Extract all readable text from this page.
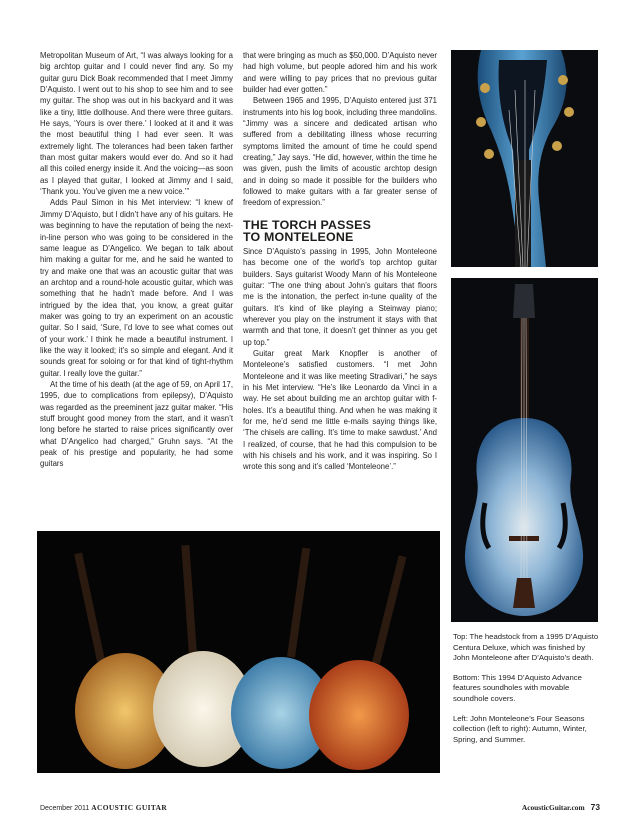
Metropolitan Museum of Art, “I was always looking for a big archtop guitar and I could never find any. So my guitar guru Dick Boak recommended that I meet Jimmy D’Aquisto. I went out to his shop to see him and to see my guitar. The shop was out in his backyard and it was like a tiny, little dollhouse. And there were three guitars. He says, ‘Yours is over there.’ I looked at it and it was the most beautiful thing I had ever seen. It was extremely light. The tolerances had been taken farther than most guitar makers would ever do. And so it had all this coiled energy inside it. And the voicing—as soon as I played that guitar, I looked at Jimmy and I said, ‘Thank you. You’ve given me a new voice.’”

Adds Paul Simon in his Met interview: “I knew of Jimmy D’Aquisto, but I didn’t have any of his guitars. He was beginning to have the reputation of being the next-in-line person who was going to be considered in the same league as D’Angelico. We began to talk about him making a guitar for me, and he said he wanted to try and make one that was an acoustic guitar that was an archtop and a round-hole acoustic guitar, which was something that he hadn’t made before. And I was intrigued by the idea that, you know, a great guitar maker was going to try an experiment on an acoustic guitar. So I said, ‘Sure, I’d love to see what comes out of your work.’ I think he made a beautiful instrument. I like the way it looked; it’s so simple and elegant. And it sounds great for soloing or for that kind of tight-rhythm guitar. I really love the guitar.”

At the time of his death (at the age of 59, on April 17, 1995, due to complications from epilepsy), D’Aquisto was regarded as the preeminent jazz guitar maker. “His stuff brought good money from the start, and it wasn’t long before he started to raise prices significantly over what D’Angelico had charged,” Gruhn says. “At the peak of his prestige and popularity, he had some guitars

that were bringing as much as $50,000. D’Aquisto never had high volume, but people adored him and his work and were willing to pay prices that no previous guitar builder had ever gotten.”

Between 1965 and 1995, D’Aquisto entered just 371 instruments into his log book, including three mandolins. “Jimmy was a sincere and dedicated artisan who suffered from a debilitating illness whose recurring symptoms limited the amount of time he could spend creating,” Jay says. “He did, however, within the time he was given, push the limits of acoustic archtop design and in doing so made it possible for the builders who followed to make guitars with a far greater sense of freedom of expression.”

THE TORCH PASSES
TO MONTELEONE

Since D’Aquisto’s passing in 1995, John Monteleone has become one of the world’s top archtop guitar builders. Says guitarist Woody Mann of his Monteleone guitar: “The one thing about John’s guitars that floors me is the intonation, the perfect in-tune quality of the guitars. It’s kind of like playing a Steinway piano; wherever you play on the instrument it stays with that warmth and that tone, it doesn’t get thinner as you get up top.”

Guitar great Mark Knopfler is another of Monteleone’s satisfied customers. “I met John Monteleone and it was like meeting Stradivari,” he says in his Met interview. “He’s like Leonardo da Vinci in a way. He set about building me an archtop guitar with f-holes. It’s a beautiful thing. And when he was making it for me, he’d send me little e-mails saying things like, ‘The chisels are calling. It’s time to make sawdust.’ And I realized, of course, that he had this compulsion to be with his chisels and his work, and it was inspiring. So I wrote this song and it’s called ‘Monteleone’.”

Top: The headstock from a 1995 D’Aquisto Centura Deluxe, which was finished by John Monteleone after D’Aquisto’s death.

Bottom: This 1994 D’Aquisto Advance features soundholes with movable soundhole covers.

Left: John Monteleone’s Four Seasons collection (left to right): Autumn, Winter, Spring, and Summer.

December 2011 ACOUSTIC GUITAR	AcousticGuitar.com 73
